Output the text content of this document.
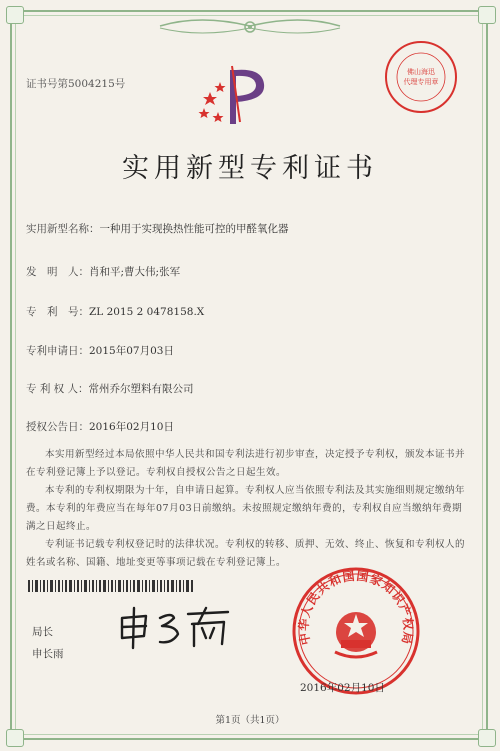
证书号第5004215号
佛山海迅
代理专用章
实用新型专利证书
实用新型名称：一种用于实现换热性能可控的甲醛氧化器
发　明　人：肖和平;曹大伟;张军
专　利　号：ZL 2015 2 0478158.X
专利申请日：2015年07月03日
专 利 权 人：常州乔尔塑料有限公司
授权公告日：2016年02月10日
本实用新型经过本局依照中华人民共和国专利法进行初步审查，决定授予专利权，颁发本证书并在专利登记簿上予以登记。专利权自授权公告之日起生效。
本专利的专利权期限为十年，自申请日起算。专利权人应当依照专利法及其实施细则规定缴纳年费。本专利的年费应当在每年07月03日前缴纳。未按照规定缴纳年费的，专利权自应当缴纳年费期满之日起终止。
专利证书记载专利权登记时的法律状况。专利权的转移、质押、无效、终止、恢复和专利权人的姓名或名称、国籍、地址变更等事项记载在专利登记簿上。
局长
申长雨
中华人民共和国国家知识产权局
2016年02月10日
第1页（共1页）
